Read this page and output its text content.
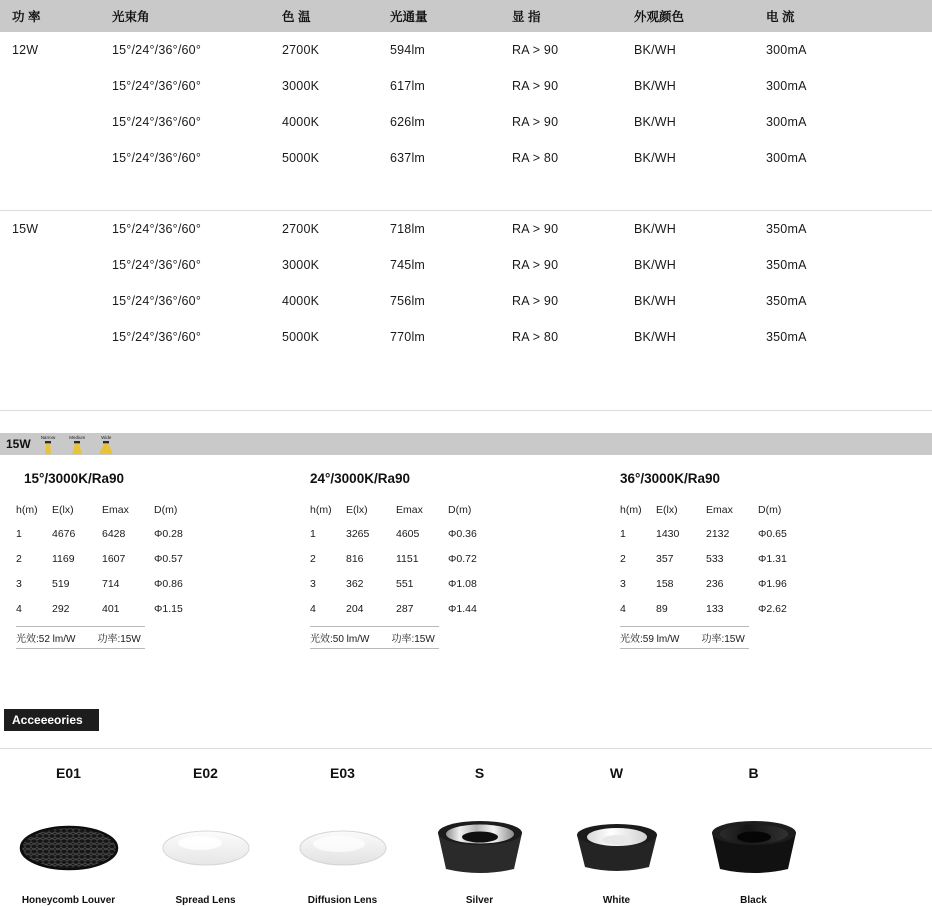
功 率	光束角	色 温	光通量	显 指	外观颜色	电 流
12W	15°/24°/36°/60°	2700K	594lm	RA > 90	BK/WH	300mA
	15°/24°/36°/60°	3000K	617lm	RA > 90	BK/WH	300mA
	15°/24°/36°/60°	4000K	626lm	RA > 90	BK/WH	300mA
	15°/24°/36°/60°	5000K	637lm	RA > 80	BK/WH	300mA

15W	15°/24°/36°/60°	2700K	718lm	RA > 90	BK/WH	350mA
	15°/24°/36°/60°	3000K	745lm	RA > 90	BK/WH	350mA
	15°/24°/36°/60°	4000K	756lm	RA > 90	BK/WH	350mA
	15°/24°/36°/60°	5000K	770lm	RA > 80	BK/WH	350mA

15W Narrow	Medium	Wide
15°/3000K/Ra90
h(m)	E(lx)	Emax	D(m)
1	4676	6428	Φ0.28
2	1169	1607	Φ0.57
3	519	714	Φ0.86
4	292	401	Φ1.15
光效:52 lm/W 功率:15W
24°/3000K/Ra90
h(m)	E(lx)	Emax	D(m)
1	3265	4605	Φ0.36
2	816	1151	Φ0.72
3	362	551	Φ1.08
4	204	287	Φ1.44
光效:50 lm/W 功率:15W
36°/3000K/Ra90
h(m)	E(lx)	Emax	D(m)
1	1430	2132	Φ0.65
2	357	533	Φ1.31
3	158	236	Φ1.96
4	89	133	Φ2.62
光效:59 lm/W 功率:15W
Acceeeories
E01
Honeycomb Louver
E02
Spread Lens
E03
Diffusion Lens
S
Silver
W
White
B
Black
